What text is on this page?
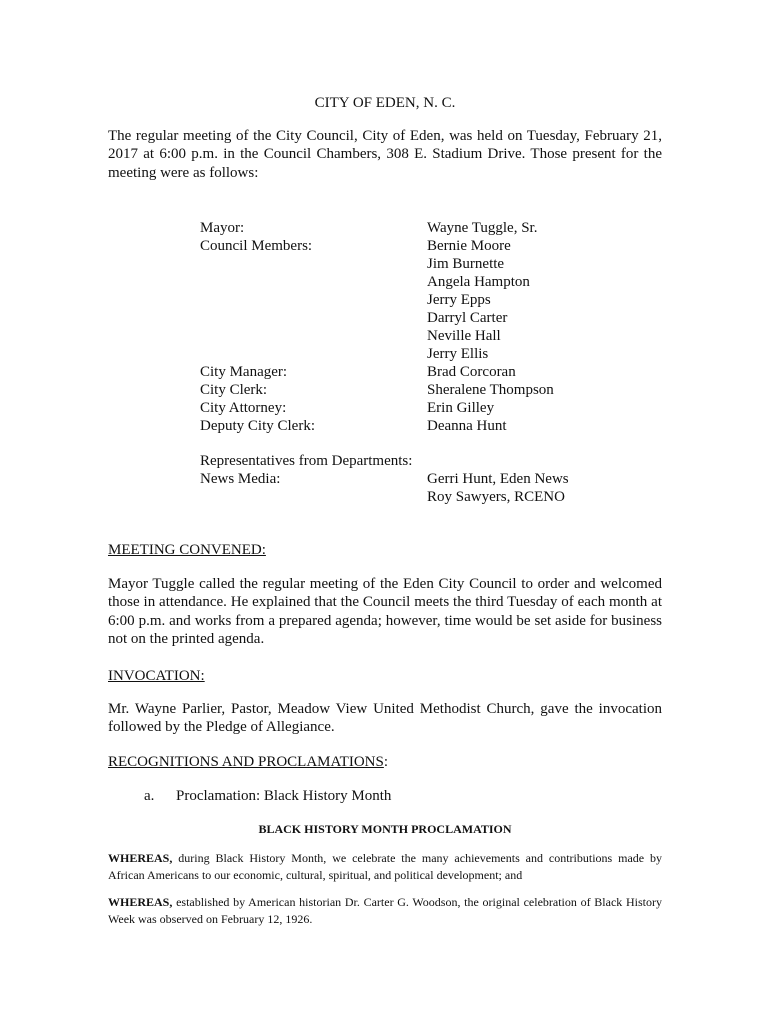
CITY OF EDEN, N. C.

The regular meeting of the City Council, City of Eden, was held on Tuesday, February 21, 2017 at 6:00 p.m. in the Council Chambers, 308 E. Stadium Drive. Those present for the meeting were as follows:

Mayor:	Wayne Tuggle, Sr.
Council Members:	Bernie Moore
Jim Burnette
Angela Hampton
Jerry Epps
Darryl Carter
Neville Hall
Jerry Ellis
City Manager:	Brad Corcoran
City Clerk:	Sheralene Thompson
City Attorney:	Erin Gilley
Deputy City Clerk:	Deanna Hunt
Representatives from Departments:
News Media:	Gerri Hunt, Eden News
Roy Sawyers, RCENO
MEETING CONVENED:

Mayor Tuggle called the regular meeting of the Eden City Council to order and welcomed those in attendance. He explained that the Council meets the third Tuesday of each month at 6:00 p.m. and works from a prepared agenda; however, time would be set aside for business not on the printed agenda.

INVOCATION:

Mr. Wayne Parlier, Pastor, Meadow View United Methodist Church, gave the invocation followed by the Pledge of Allegiance.

RECOGNITIONS AND PROCLAMATIONS:
a. Proclamation: Black History Month
BLACK HISTORY MONTH PROCLAMATION

WHEREAS, during Black History Month, we celebrate the many achievements and contributions made by African Americans to our economic, cultural, spiritual, and political development; and

WHEREAS, established by American historian Dr. Carter G. Woodson, the original celebration of Black History Week was observed on February 12, 1926.
